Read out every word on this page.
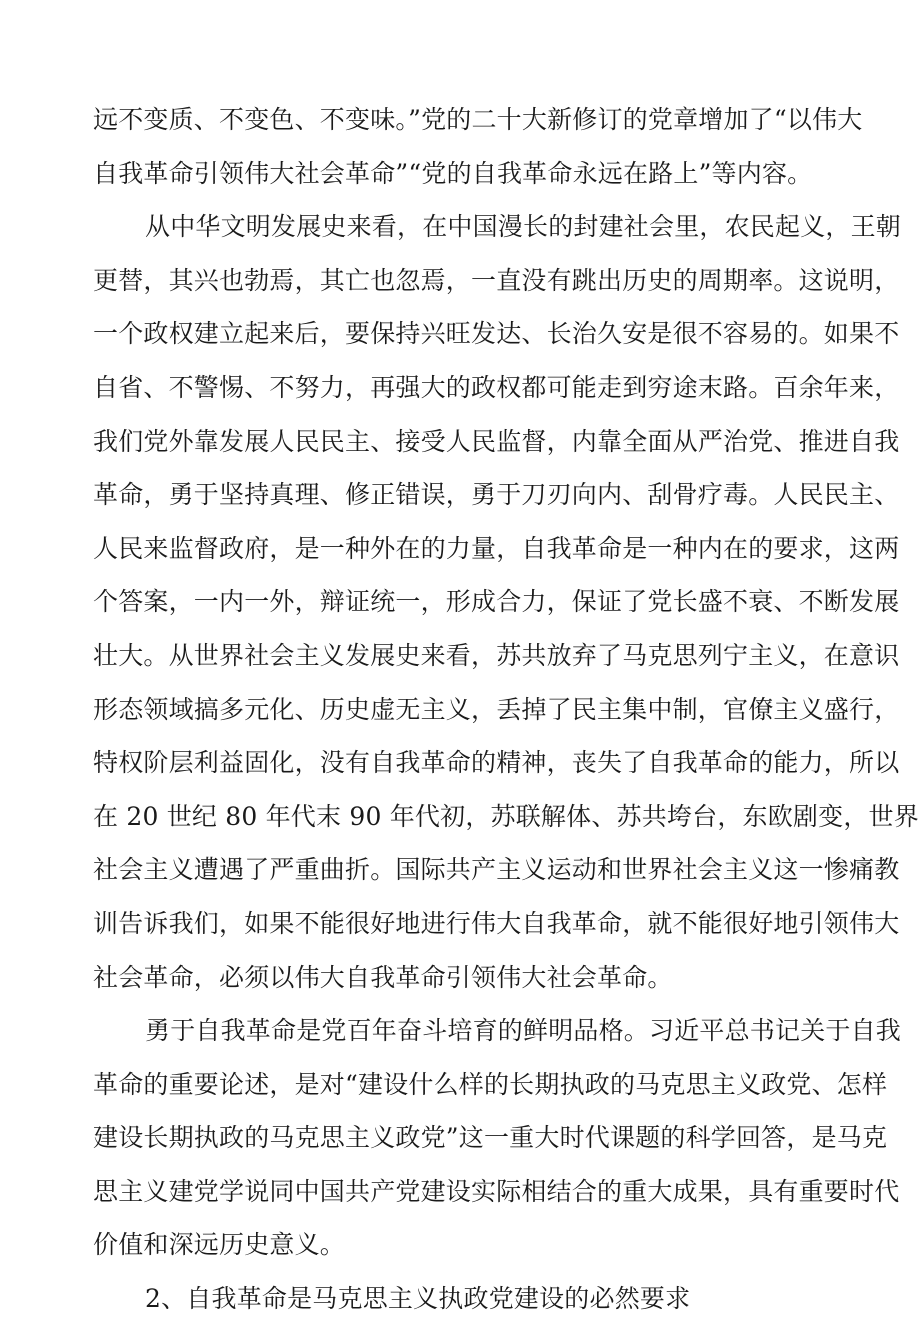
远不变质、不变色、不变味。”党的二十大新修订的党章增加了“以伟大
自我革命引领伟大社会革命”“党的自我革命永远在路上”等内容。
从中华文明发展史来看，在中国漫长的封建社会里，农民起义，王朝
更替，其兴也勃焉，其亡也忽焉，一直没有跳出历史的周期率。这说明，
一个政权建立起来后，要保持兴旺发达、长治久安是很不容易的。如果不
自省、不警惕、不努力，再强大的政权都可能走到穷途末路。百余年来，
我们党外靠发展人民民主、接受人民监督，内靠全面从严治党、推进自我
革命，勇于坚持真理、修正错误，勇于刀刃向内、刮骨疗毒。人民民主、
人民来监督政府，是一种外在的力量，自我革命是一种内在的要求，这两
个答案，一内一外，辩证统一，形成合力，保证了党长盛不衰、不断发展
壮大。从世界社会主义发展史来看，苏共放弃了马克思列宁主义，在意识
形态领域搞多元化、历史虚无主义，丢掉了民主集中制，官僚主义盛行，
特权阶层利益固化，没有自我革命的精神，丧失了自我革命的能力，所以
在 20 世纪 80 年代末 90 年代初，苏联解体、苏共垮台，东欧剧变，世界
社会主义遭遇了严重曲折。国际共产主义运动和世界社会主义这一惨痛教
训告诉我们，如果不能很好地进行伟大自我革命，就不能很好地引领伟大
社会革命，必须以伟大自我革命引领伟大社会革命。
勇于自我革命是党百年奋斗培育的鲜明品格。习近平总书记关于自我
革命的重要论述，是对“建设什么样的长期执政的马克思主义政党、怎样
建设长期执政的马克思主义政党”这一重大时代课题的科学回答，是马克
思主义建党学说同中国共产党建设实际相结合的重大成果，具有重要时代
价值和深远历史意义。
2、自我革命是马克思主义执政党建设的必然要求
